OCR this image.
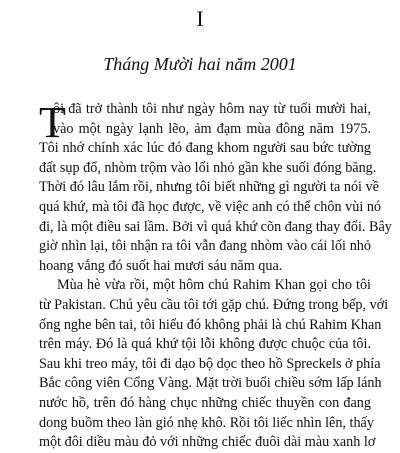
I
Tháng Mười hai năm 2001
T
ôi đã trở thành tôi như ngày hôm nay từ tuổi mười hai,
vào một ngày lạnh lẽo, ảm đạm mùa đông năm 1975.
Tôi nhớ chính xác lúc đó đang khom người sau bức tường
đất sụp đổ, nhòm trộm vào lối nhỏ gần khe suối đóng băng.
Thời đó lâu lắm rồi, nhưng tôi biết những gì người ta nói về
quá khứ, mà tôi đã học được, về việc anh có thể chôn vùi nó
đi, là một điều sai lầm. Bởi vì quá khứ cõn đang thay đổi. Bây
giờ nhìn lại, tôi nhận ra tôi vẫn đang nhòm vào cái lối nhỏ
hoang vắng đó suốt hai mươi sáu năm qua.
Mùa hè vừa rồi, một hôm chú Rahim Khan gọi cho tôi
từ Pakistan. Chú yêu cầu tôi tới gặp chú. Đứng trong bếp, với
ống nghe bên tai, tôi hiểu đó không phải là chú Rahim Khan
trên máy. Đó là quá khứ tội lỗi không được chuộc của tôi.
Sau khi treo máy, tôi đi dạo bộ dọc theo hồ Spreckels ở phía
Bắc công viên Cổng Vàng. Mặt trời buổi chiều sớm lấp lánh
nước hồ, trên đó hàng chục những chiếc thuyền con đang
dong buồm theo làn gió nhẹ khô. Rồi tôi liếc nhìn lên, thấy
một đôi diều màu đỏ với những chiếc đuôi dài màu xanh lơ
